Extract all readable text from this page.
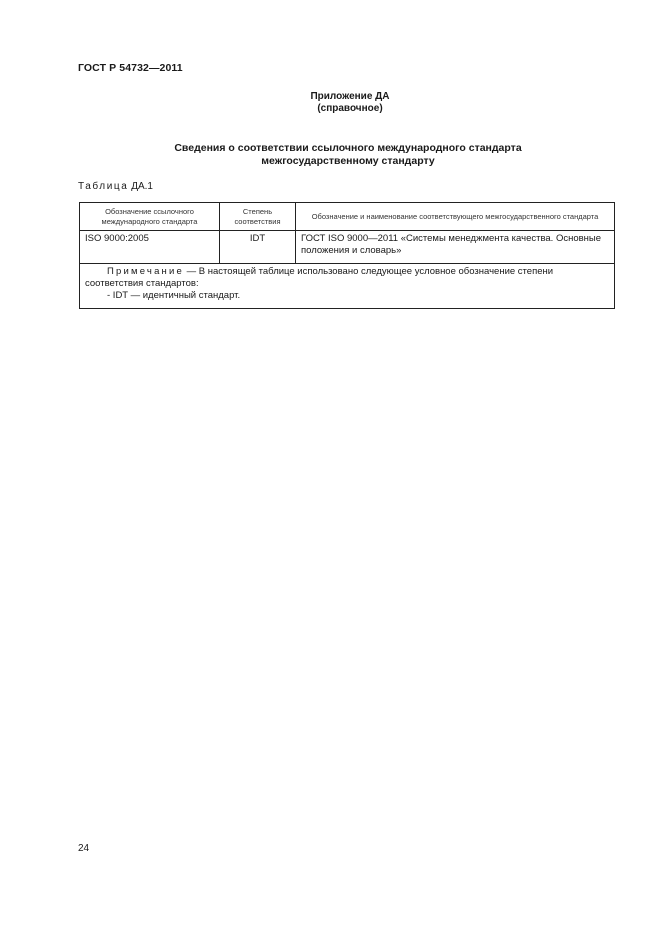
ГОСТ Р 54732—2011
Приложение ДА
(справочное)
Сведения о соответствии ссылочного международного стандарта
межгосударственному стандарту
Таблица ДА.1
Обозначение ссылочного международного стандарта	Степень соответствия	Обозначение и наименование соответствующего межгосударственного стандарта
ISO 9000:2005	IDT	ГОСТ ISO 9000—2011 «Системы менеджмента качества. Основные положения и словарь»
Примечание — В настоящей таблице использовано следующее условное обозначение степени соответствия стандартов:
- IDT — идентичный стандарт.		
24
